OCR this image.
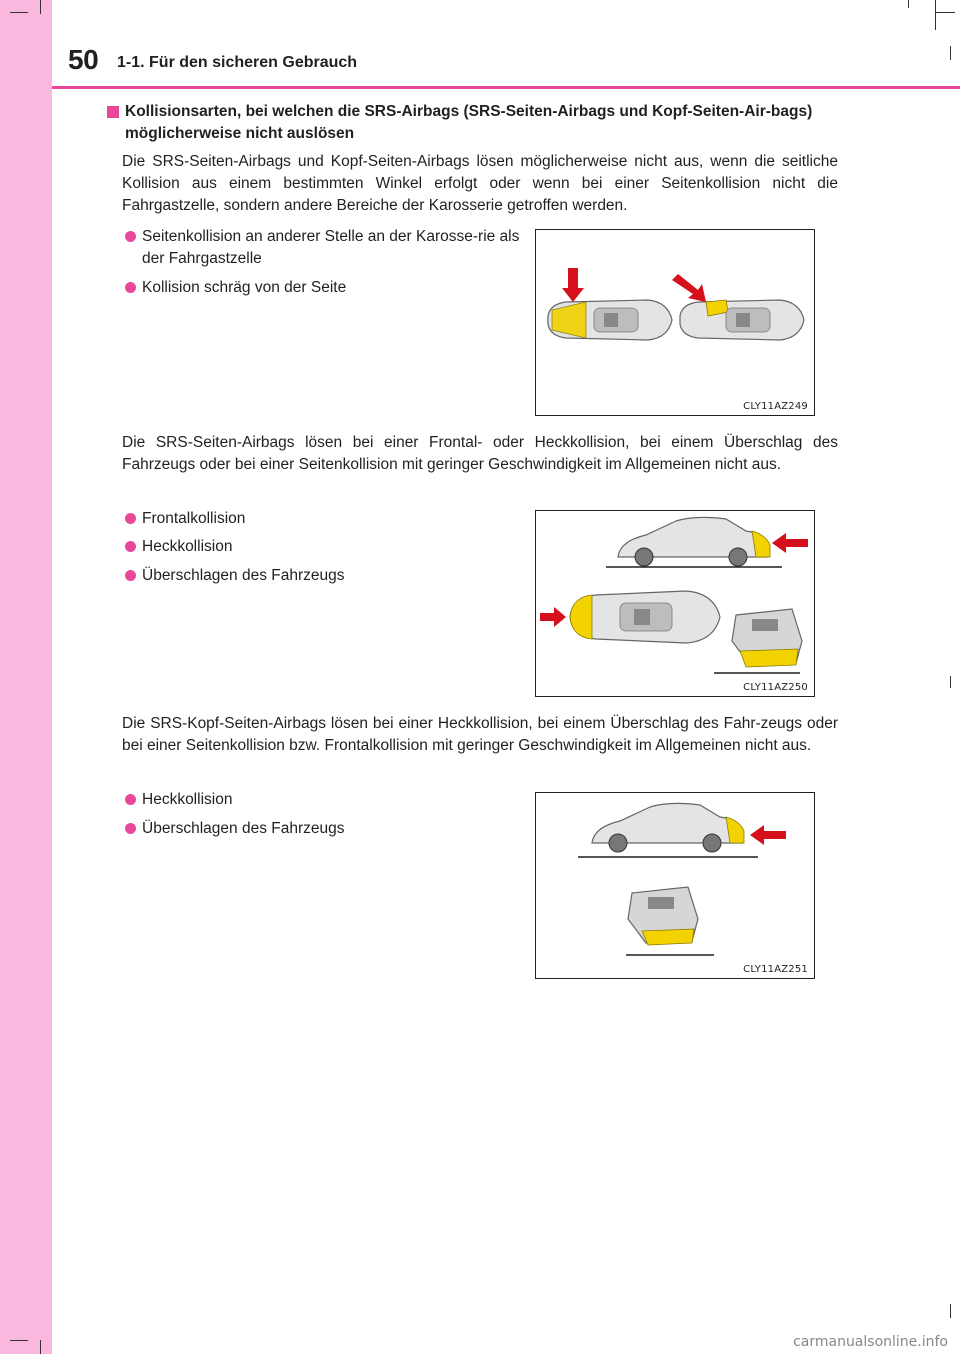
50 1-1. Für den sicheren Gebrauch
Kollisionsarten, bei welchen die SRS-Airbags (SRS-Seiten-Airbags und Kopf-Seiten-Air-bags) möglicherweise nicht auslösen
Die SRS-Seiten-Airbags und Kopf-Seiten-Airbags lösen möglicherweise nicht aus, wenn die seitliche Kollision aus einem bestimmten Winkel erfolgt oder wenn bei einer Seitenkollision nicht die Fahrgastzelle, sondern andere Bereiche der Karosserie getroffen werden.
Seitenkollision an anderer Stelle an der Karosse-rie als der Fahrgastzelle
Kollision schräg von der Seite
CLY11AZ249
Die SRS-Seiten-Airbags lösen bei einer Frontal- oder Heckkollision, bei einem Überschlag des Fahrzeugs oder bei einer Seitenkollision mit geringer Geschwindigkeit im Allgemeinen nicht aus.
Frontalkollision
Heckkollision
Überschlagen des Fahrzeugs
CLY11AZ250
Die SRS-Kopf-Seiten-Airbags lösen bei einer Heckkollision, bei einem Überschlag des Fahr-zeugs oder bei einer Seitenkollision bzw. Frontalkollision mit geringer Geschwindigkeit im Allgemeinen nicht aus.
Heckkollision
Überschlagen des Fahrzeugs
CLY11AZ251
carmanualsonline.info
